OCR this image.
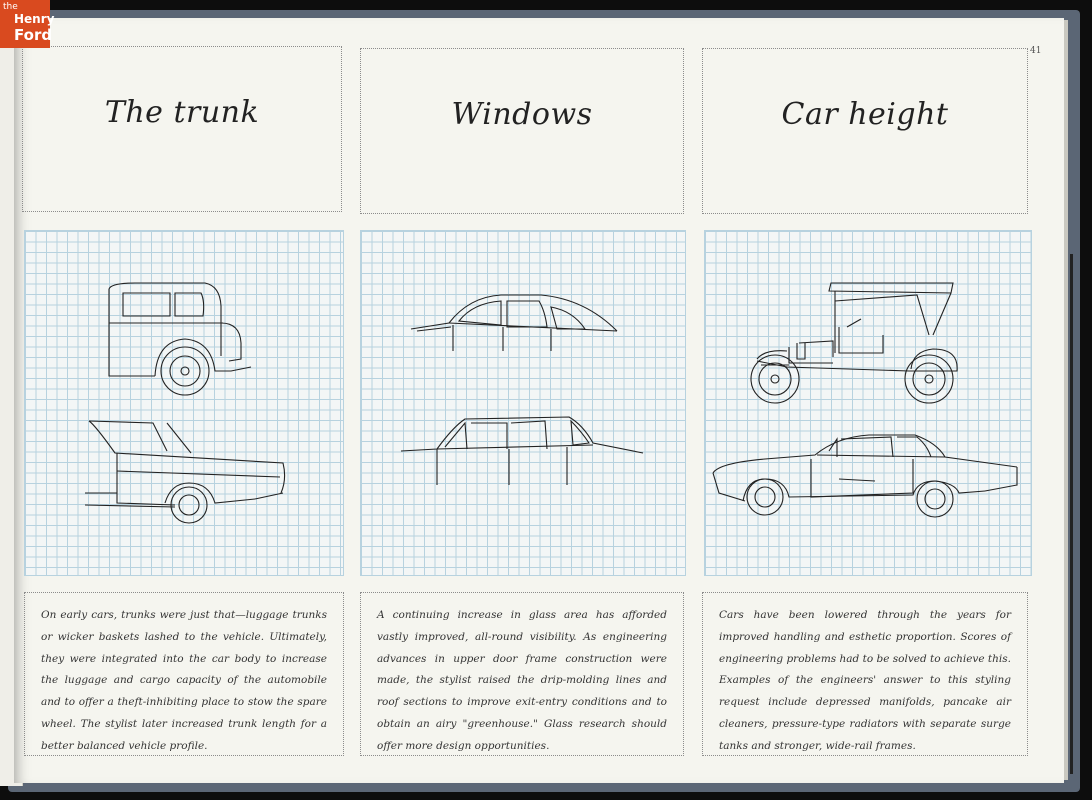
41
The trunk	Windows	Car height

On early cars, trunks were just that—luggage trunks or wicker baskets lashed to the vehicle. Ultimately, they were integrated into the car body to increase the luggage and cargo capacity of the automobile and to offer a theft-inhibiting place to stow the spare wheel. The stylist later increased trunk length for a better balanced vehicle profile.

A continuing increase in glass area has afforded vastly improved, all-round visibility. As engineering advances in upper door frame construction were made, the stylist raised the drip-molding lines and roof sections to improve exit-entry conditions and to obtain an airy "greenhouse." Glass research should offer more design opportunities.

Cars have been lowered through the years for improved handling and esthetic proportion. Scores of engineering problems had to be solved to achieve this. Examples of the engineers' answer to this styling request include depressed manifolds, pancake air cleaners, pressure-type radiators with separate surge tanks and stronger, wide-rail frames.

the
Henry
Ford
